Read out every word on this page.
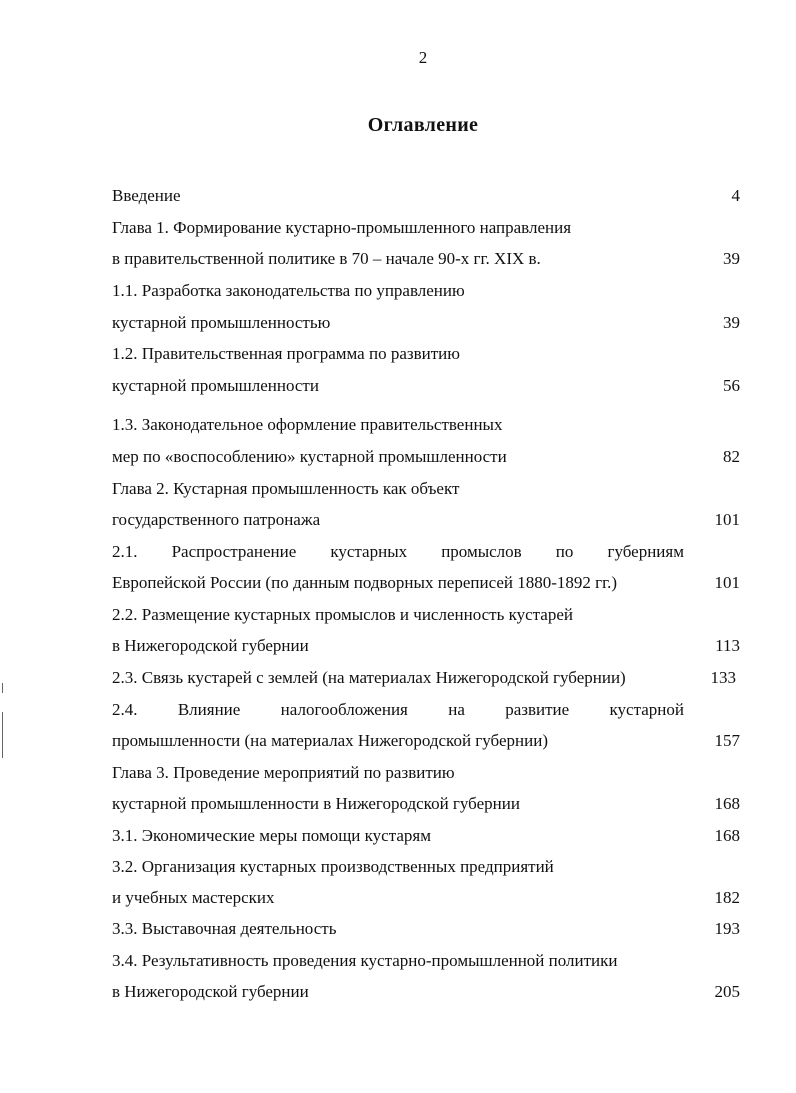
2
Оглавление
Введение	4
Глава 1. Формирование кустарно-промышленного направления
в правительственной политике в 70 – начале 90-х гг. XIX в.	39
1.1. Разработка законодательства по управлению
кустарной промышленностью	39
1.2. Правительственная программа по развитию
кустарной промышленности	56
1.3. Законодательное оформление правительственных
мер по «воспособлению» кустарной промышленности	82
Глава 2. Кустарная промышленность как объект
государственного патронажа	101
2.1. Распространение кустарных промыслов по губерниям
Европейской России (по данным подворных переписей 1880-1892 гг.)	101
2.2. Размещение кустарных промыслов и численность кустарей
в Нижегородской губернии	113
2.3. Связь кустарей с землей (на материалах Нижегородской губернии)	133
2.4. Влияние налогообложения на развитие кустарной
промышленности (на материалах Нижегородской губернии)	157
Глава 3. Проведение мероприятий по развитию
кустарной промышленности в Нижегородской губернии	168
3.1. Экономические меры помощи кустарям	168
3.2. Организация кустарных производственных предприятий
и учебных мастерских	182
3.3. Выставочная деятельность	193
3.4. Результативность проведения кустарно-промышленной политики
в Нижегородской губернии	205
